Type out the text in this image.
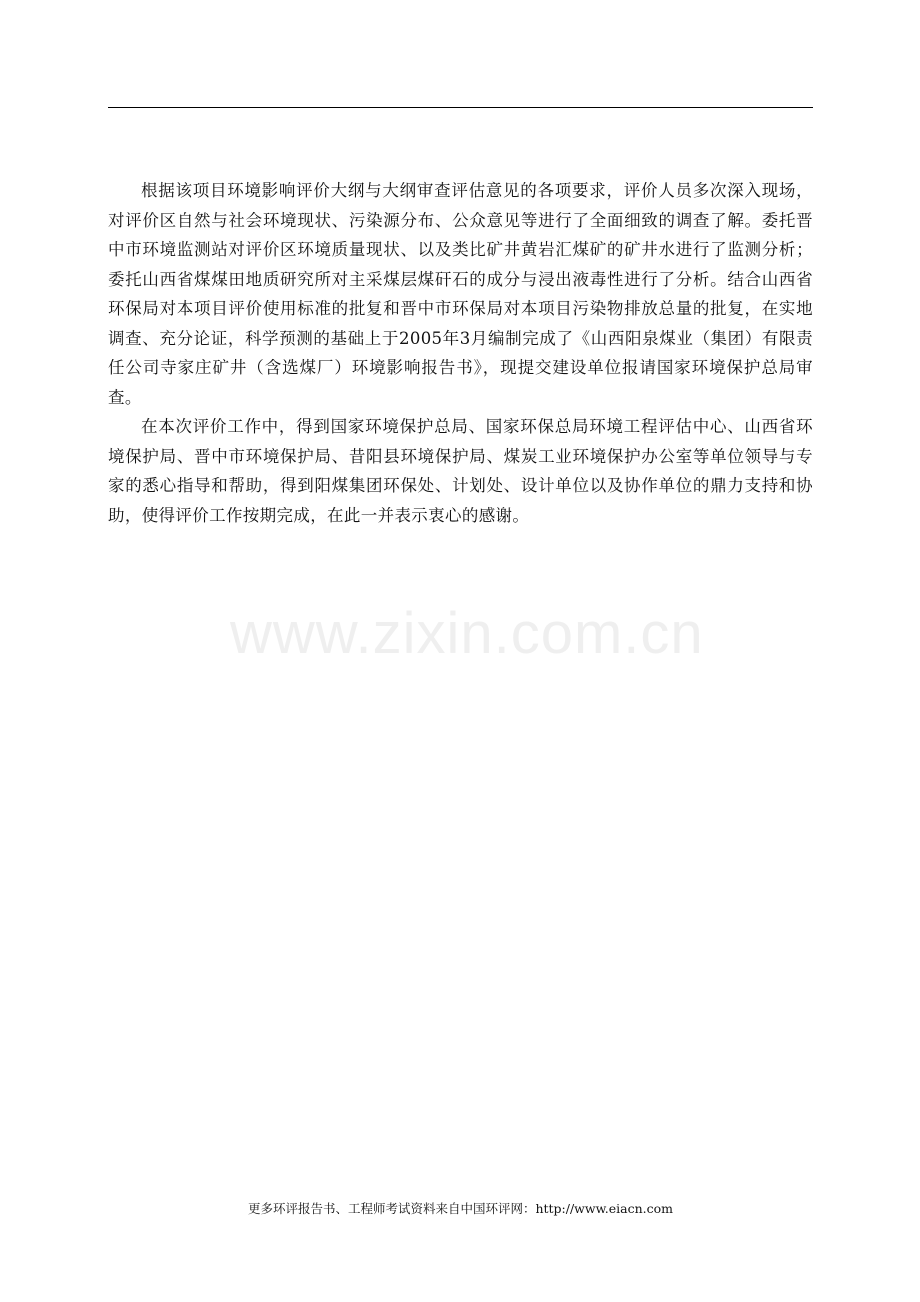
根据该项目环境影响评价大纲与大纲审查评估意见的各项要求，评价人员多次深入现场，对评价区自然与社会环境现状、污染源分布、公众意见等进行了全面细致的调查了解。委托晋中市环境监测站对评价区环境质量现状、以及类比矿井黄岩汇煤矿的矿井水进行了监测分析；委托山西省煤煤田地质研究所对主采煤层煤矸石的成分与浸出液毒性进行了分析。结合山西省环保局对本项目评价使用标准的批复和晋中市环保局对本项目污染物排放总量的批复，在实地调查、充分论证，科学预测的基础上于2005年3月编制完成了《山西阳泉煤业（集团）有限责任公司寺家庄矿井（含选煤厂）环境影响报告书》，现提交建设单位报请国家环境保护总局审查。

在本次评价工作中，得到国家环境保护总局、国家环保总局环境工程评估中心、山西省环境保护局、晋中市环境保护局、昔阳县环境保护局、煤炭工业环境保护办公室等单位领导与专家的悉心指导和帮助，得到阳煤集团环保处、计划处、设计单位以及协作单位的鼎力支持和协助，使得评价工作按期完成，在此一并表示衷心的感谢。

www.zixin.com.cn
更多环评报告书、工程师考试资料来自中国环评网：http://www.eiacn.com
